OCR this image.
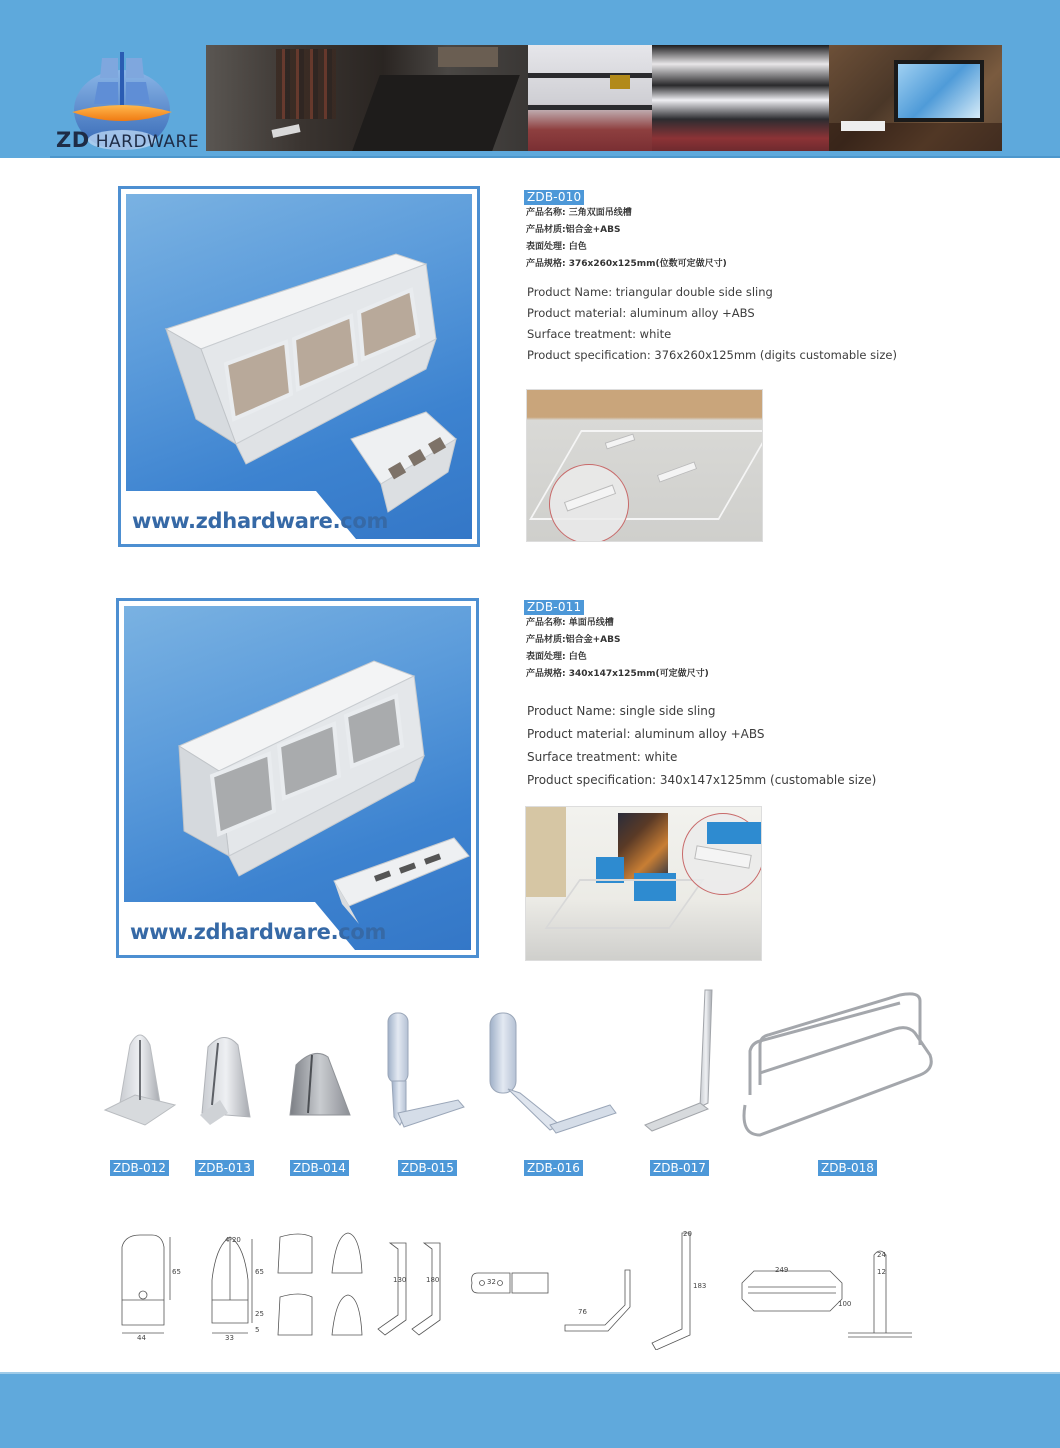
ZD HARDWARE
www.zdhardware.com
ZDB-010
产品名称: 三角双面吊线槽
产品材质:铝合金+ABS
表面处理: 白色
产品规格: 376x260x125mm(位数可定做尺寸)
Product Name: triangular double side sling
Product material: aluminum alloy +ABS
Surface treatment: white
Product specification: 376x260x125mm (digits customable size)
www.zdhardware.com
ZDB-011
产品名称: 单面吊线槽
产品材质:铝合金+ABS
表面处理: 白色
产品规格: 340x147x125mm(可定做尺寸)
Product Name: single side sling
Product material: aluminum alloy +ABS
Surface treatment: white
Product specification: 340x147x125mm (customable size)
ZDB-012	ZDB-013	ZDB-014	ZDB-015	ZDB-016	ZDB-017	ZDB-018
44
65
4-20
65
25
5
33
130	180	32
76
20
183
249
100
24
12
